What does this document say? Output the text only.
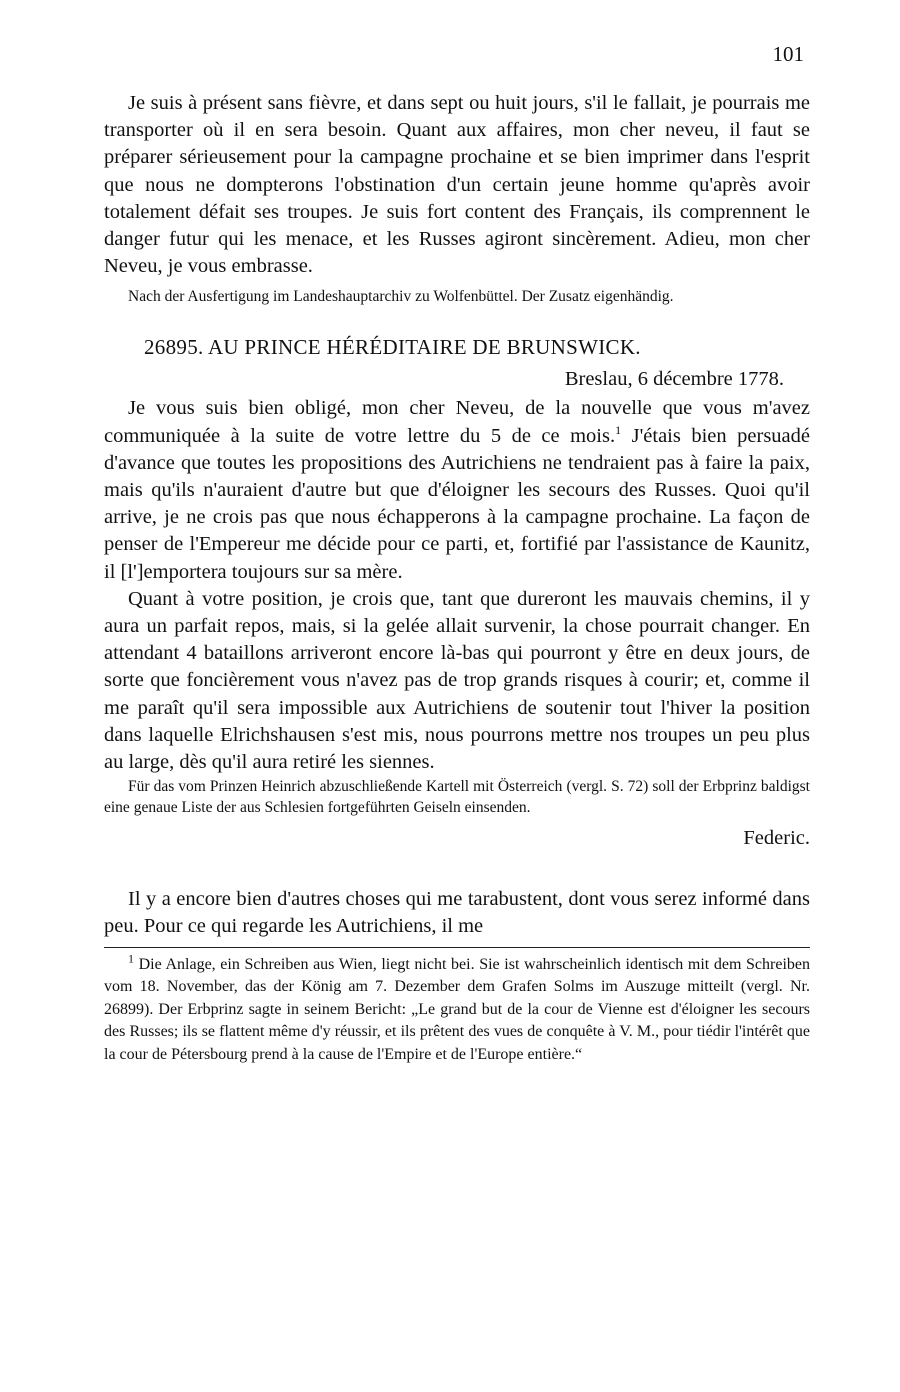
101

Je suis à présent sans fièvre, et dans sept ou huit jours, s'il le fallait, je pourrais me transporter où il en sera besoin. Quant aux affaires, mon cher neveu, il faut se préparer sérieusement pour la campagne prochaine et se bien imprimer dans l'esprit que nous ne dompterons l'obstination d'un certain jeune homme qu'après avoir totalement défait ses troupes. Je suis fort content des Français, ils comprennent le danger futur qui les menace, et les Russes agiront sincèrement. Adieu, mon cher Neveu, je vous embrasse.

Nach der Ausfertigung im Landeshauptarchiv zu Wolfenbüttel. Der Zusatz eigenhändig.

26895. AU PRINCE HÉRÉDITAIRE DE BRUNSWICK.
Breslau, 6 décembre 1778.

Je vous suis bien obligé, mon cher Neveu, de la nouvelle que vous m'avez communiquée à la suite de votre lettre du 5 de ce mois.$^1$ J'étais bien persuadé d'avance que toutes les propositions des Autrichiens ne tendraient pas à faire la paix, mais qu'ils n'auraient d'autre but que d'éloigner les secours des Russes. Quoi qu'il arrive, je ne crois pas que nous échapperons à la campagne prochaine. La façon de penser de l'Empereur me décide pour ce parti, et, fortifié par l'assistance de Kaunitz, il [l']emportera toujours sur sa mère.

Quant à votre position, je crois que, tant que dureront les mauvais chemins, il y aura un parfait repos, mais, si la gelée allait survenir, la chose pourrait changer. En attendant 4 bataillons arriveront encore là-bas qui pourront y être en deux jours, de sorte que foncièrement vous n'avez pas de trop grands risques à courir; et, comme il me paraît qu'il sera impossible aux Autrichiens de soutenir tout l'hiver la position dans laquelle Elrichshausen s'est mis, nous pourrons mettre nos troupes un peu plus au large, dès qu'il aura retiré les siennes.

Für das vom Prinzen Heinrich abzuschließende Kartell mit Österreich (vergl. S. 72) soll der Erbprinz baldigst eine genaue Liste der aus Schlesien fortgeführten Geiseln einsenden.

Federic.

Il y a encore bien d'autres choses qui me tarabustent, dont vous serez informé dans peu. Pour ce qui regarde les Autrichiens, il me

$^1$ Die Anlage, ein Schreiben aus Wien, liegt nicht bei. Sie ist wahrscheinlich identisch mit dem Schreiben vom 18. November, das der König am 7. Dezember dem Grafen Solms im Auszuge mitteilt (vergl. Nr. 26899). Der Erbprinz sagte in seinem Bericht: „Le grand but de la cour de Vienne est d'éloigner les secours des Russes; ils se flattent même d'y réussir, et ils prêtent des vues de conquête à V. M., pour tiédir l'intérêt que la cour de Pétersbourg prend à la cause de l'Empire et de l'Europe entière.“
